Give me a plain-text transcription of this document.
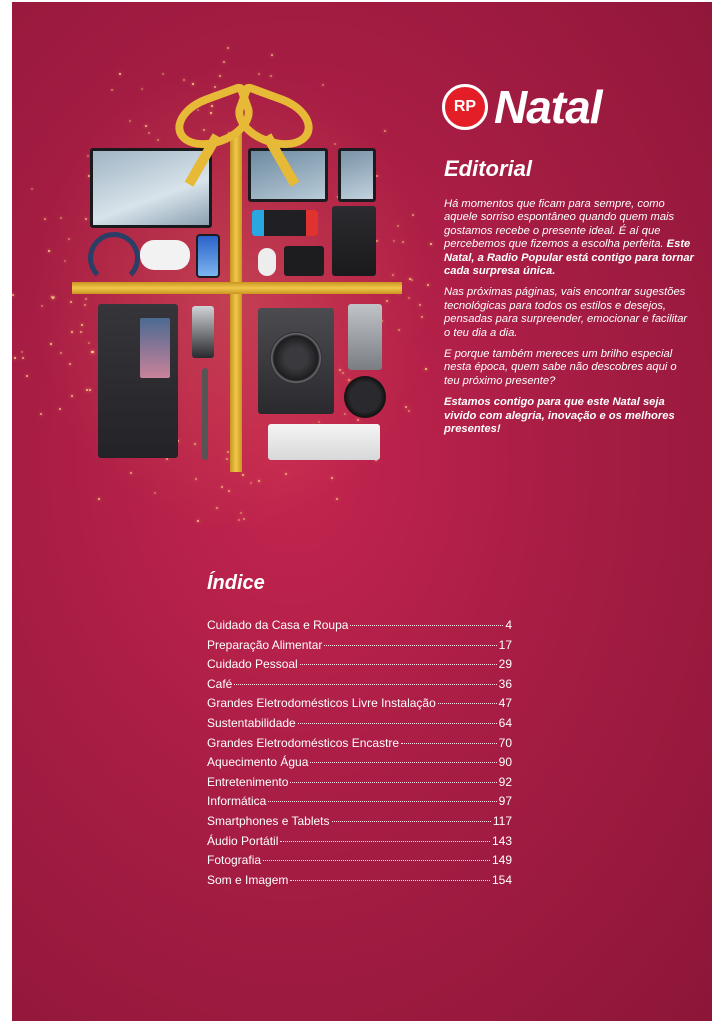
RP Natal
Editorial

Há momentos que ficam para sempre, como aquele sorriso espontâneo quando quem mais gostamos recebe o presente ideal. É aí que percebemos que fizemos a escolha perfeita. Este Natal, a Radio Popular está contigo para tornar cada surpresa única.

Nas próximas páginas, vais encontrar sugestões tecnológicas para todos os estilos e desejos, pensadas para surpreender, emocionar e facilitar o teu dia a dia.

E porque também mereces um brilho especial nesta época, quem sabe não descobres aqui o teu próximo presente?

Estamos contigo para que este Natal seja vivido com alegria, inovação e os melhores presentes!

Índice
Cuidado da Casa e Roupa	4
Preparação Alimentar	17
Cuidado Pessoal	29
Café	36
Grandes Eletrodomésticos Livre Instalação	47
Sustentabilidade	64
Grandes Eletrodomésticos Encastre	70
Aquecimento Água	90
Entretenimento	92
Informática	97
Smartphones e Tablets	117
Áudio Portátil	143
Fotografia	149
Som e Imagem	154
